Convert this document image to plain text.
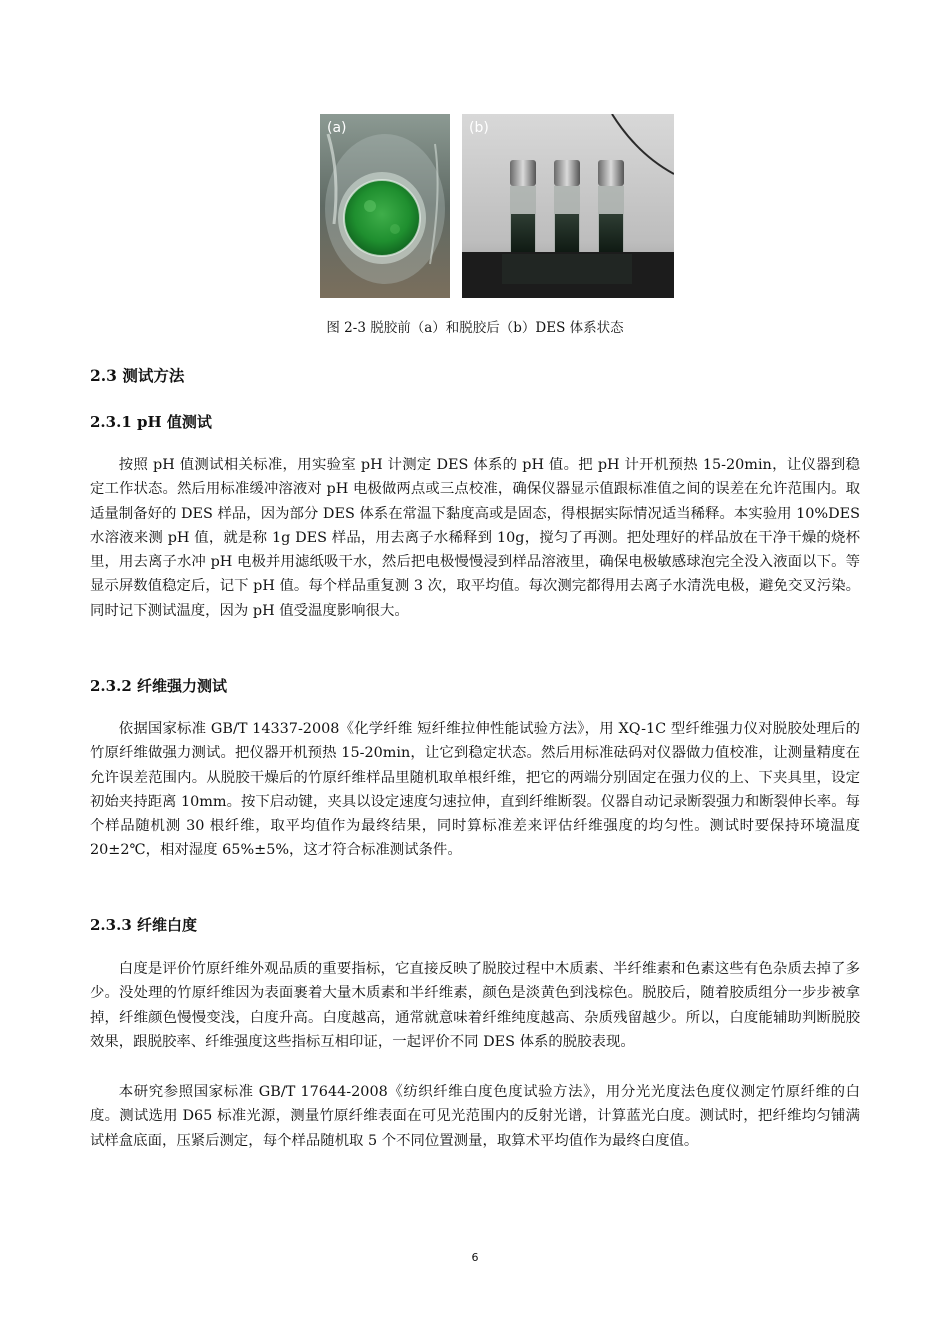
(a)	(b)
图 2-3 脱胶前（a）和脱胶后（b）DES 体系状态
2.3 测试方法
2.3.1 pH 值测试

按照 pH 值测试相关标准，用实验室 pH 计测定 DES 体系的 pH 值。把 pH 计开机预热 15-20min，让仪器到稳定工作状态。然后用标准缓冲溶液对 pH 电极做两点或三点校准，确保仪器显示值跟标准值之间的误差在允许范围内。取适量制备好的 DES 样品，因为部分 DES 体系在常温下黏度高或是固态，得根据实际情况适当稀释。本实验用 10%DES 水溶液来测 pH 值，就是称 1g DES 样品，用去离子水稀释到 10g，搅匀了再测。把处理好的样品放在干净干燥的烧杯里，用去离子水冲 pH 电极并用滤纸吸干水，然后把电极慢慢浸到样品溶液里，确保电极敏感球泡完全没入液面以下。等显示屏数值稳定后，记下 pH 值。每个样品重复测 3 次，取平均值。每次测完都得用去离子水清洗电极，避免交叉污染。同时记下测试温度，因为 pH 值受温度影响很大。

2.3.2 纤维强力测试

依据国家标准 GB/T 14337-2008《化学纤维 短纤维拉伸性能试验方法》，用 XQ-1C 型纤维强力仪对脱胶处理后的竹原纤维做强力测试。把仪器开机预热 15-20min，让它到稳定状态。然后用标准砝码对仪器做力值校准，让测量精度在允许误差范围内。从脱胶干燥后的竹原纤维样品里随机取单根纤维，把它的两端分别固定在强力仪的上、下夹具里，设定初始夹持距离 10mm。按下启动键，夹具以设定速度匀速拉伸，直到纤维断裂。仪器自动记录断裂强力和断裂伸长率。每个样品随机测 30 根纤维，取平均值作为最终结果，同时算标准差来评估纤维强度的均匀性。测试时要保持环境温度 20±2℃，相对湿度 65%±5%，这才符合标准测试条件。

2.3.3 纤维白度

白度是评价竹原纤维外观品质的重要指标，它直接反映了脱胶过程中木质素、半纤维素和色素这些有色杂质去掉了多少。没处理的竹原纤维因为表面裹着大量木质素和半纤维素，颜色是淡黄色到浅棕色。脱胶后，随着胶质组分一步步被拿掉，纤维颜色慢慢变浅，白度升高。白度越高，通常就意味着纤维纯度越高、杂质残留越少。所以，白度能辅助判断脱胶效果，跟脱胶率、纤维强度这些指标互相印证，一起评价不同 DES 体系的脱胶表现。

本研究参照国家标准 GB/T 17644-2008《纺织纤维白度色度试验方法》，用分光光度法色度仪测定竹原纤维的白度。测试选用 D65 标准光源，测量竹原纤维表面在可见光范围内的反射光谱，计算蓝光白度。测试时，把纤维均匀铺满试样盒底面，压紧后测定，每个样品随机取 5 个不同位置测量，取算术平均值作为最终白度值。

6
